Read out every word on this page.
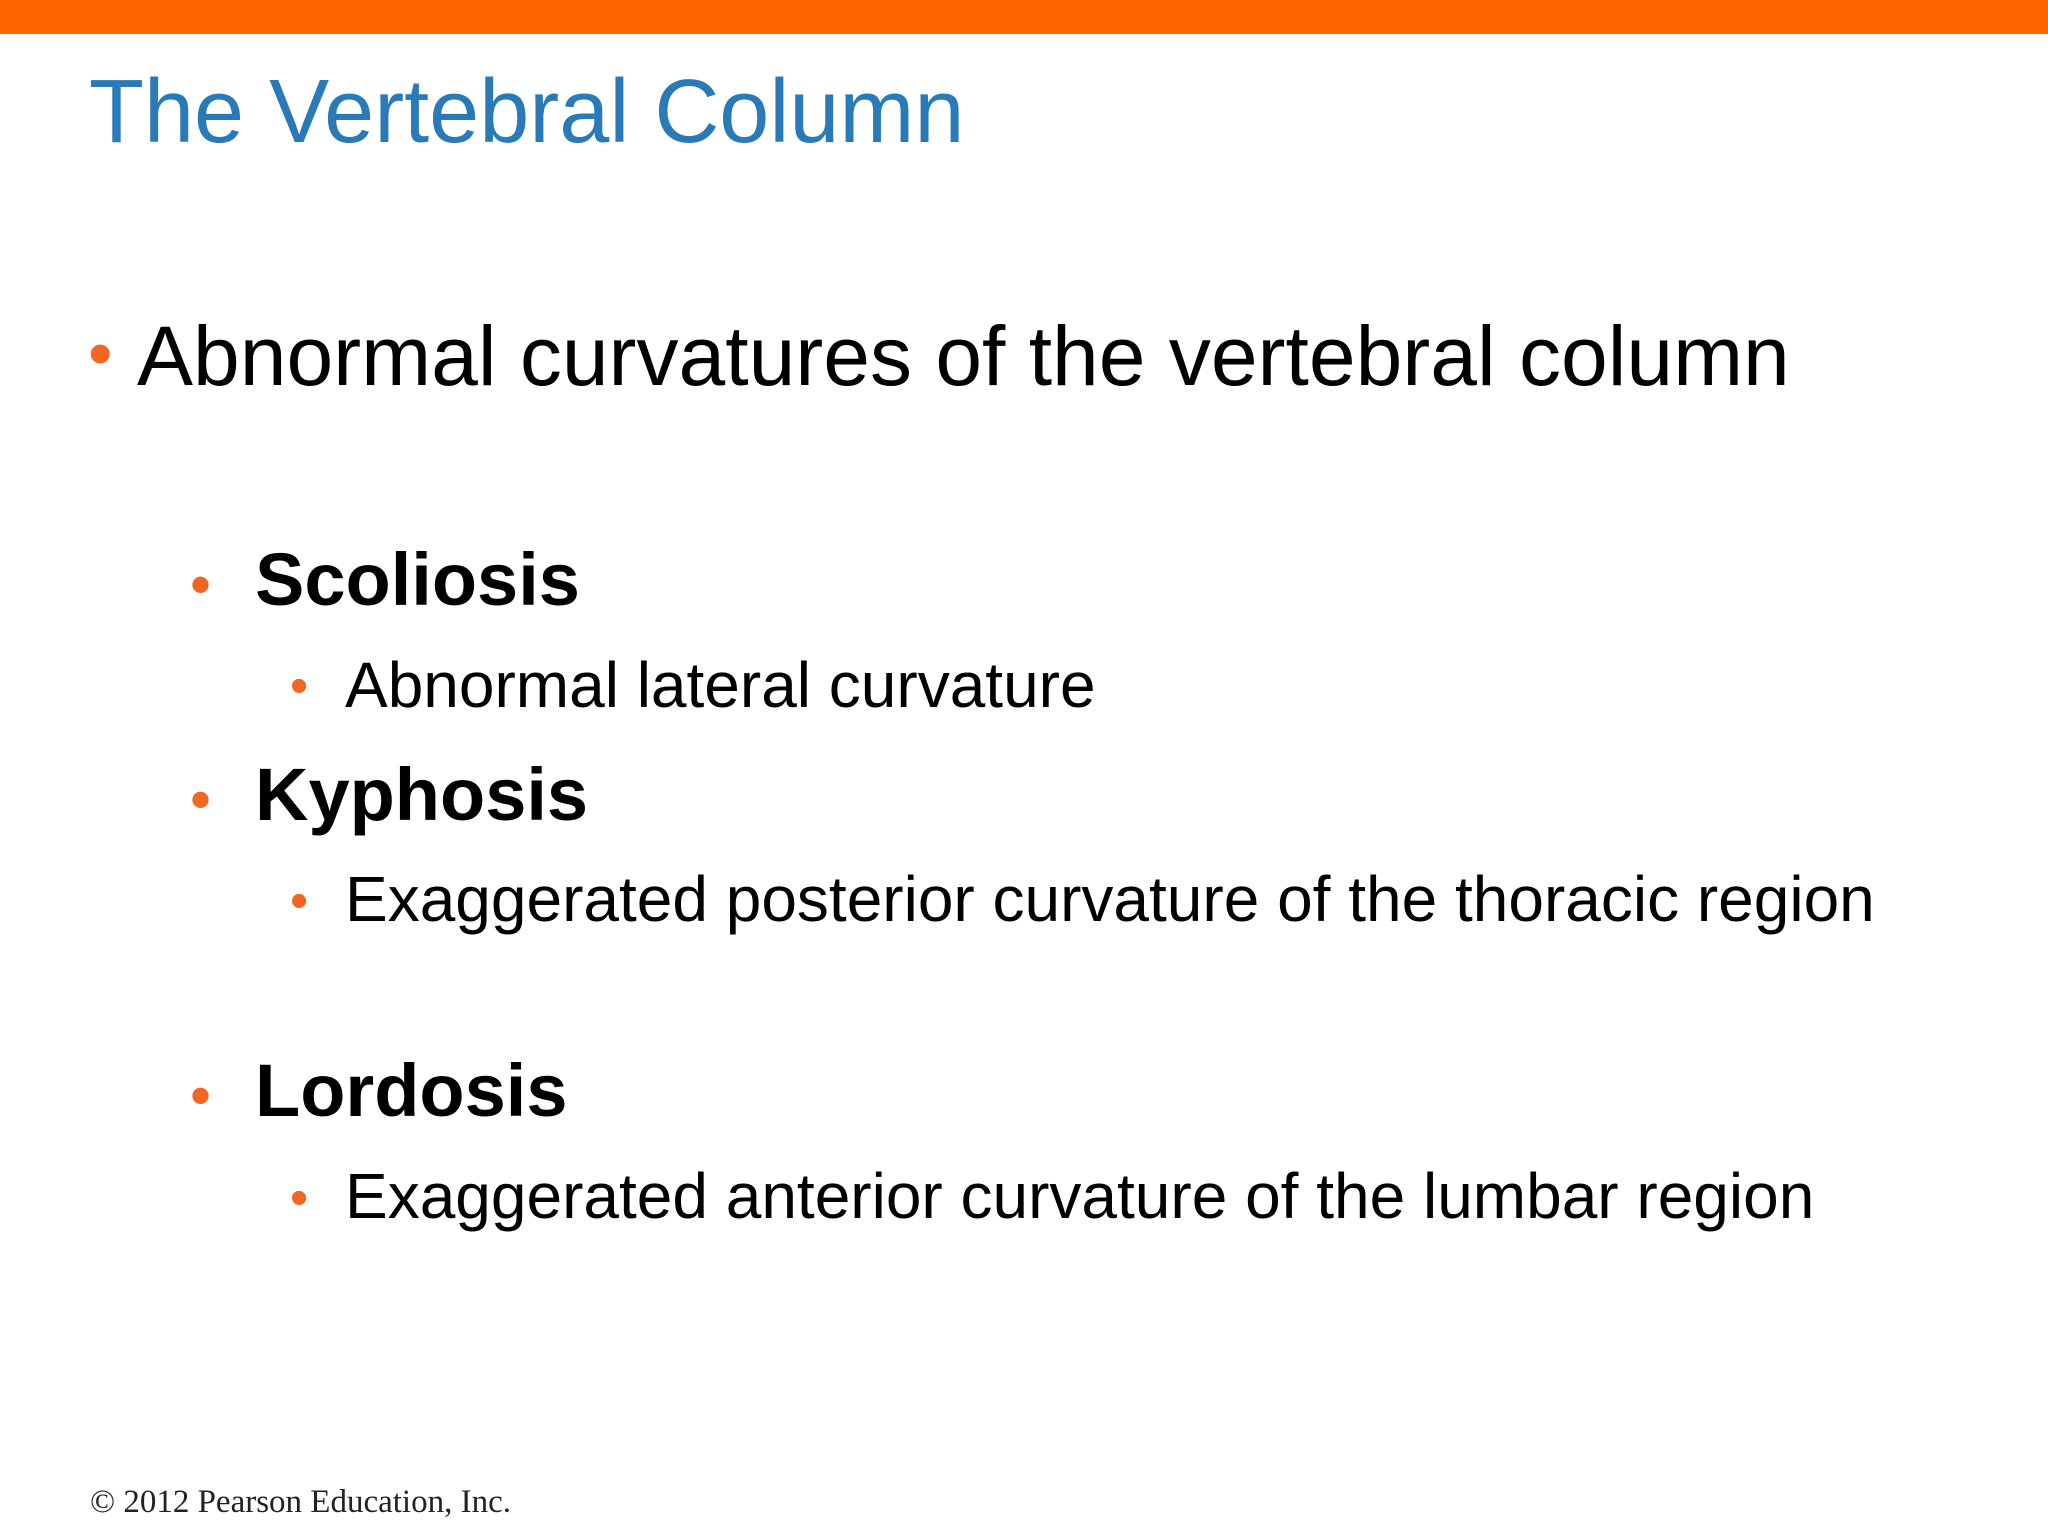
The Vertebral Column
• Abnormal curvatures of the vertebral column
• Scoliosis
• Abnormal lateral curvature
• Kyphosis
• Exaggerated posterior curvature of the thoracic region
• Lordosis
• Exaggerated anterior curvature of the lumbar region
© 2012 Pearson Education, Inc.
